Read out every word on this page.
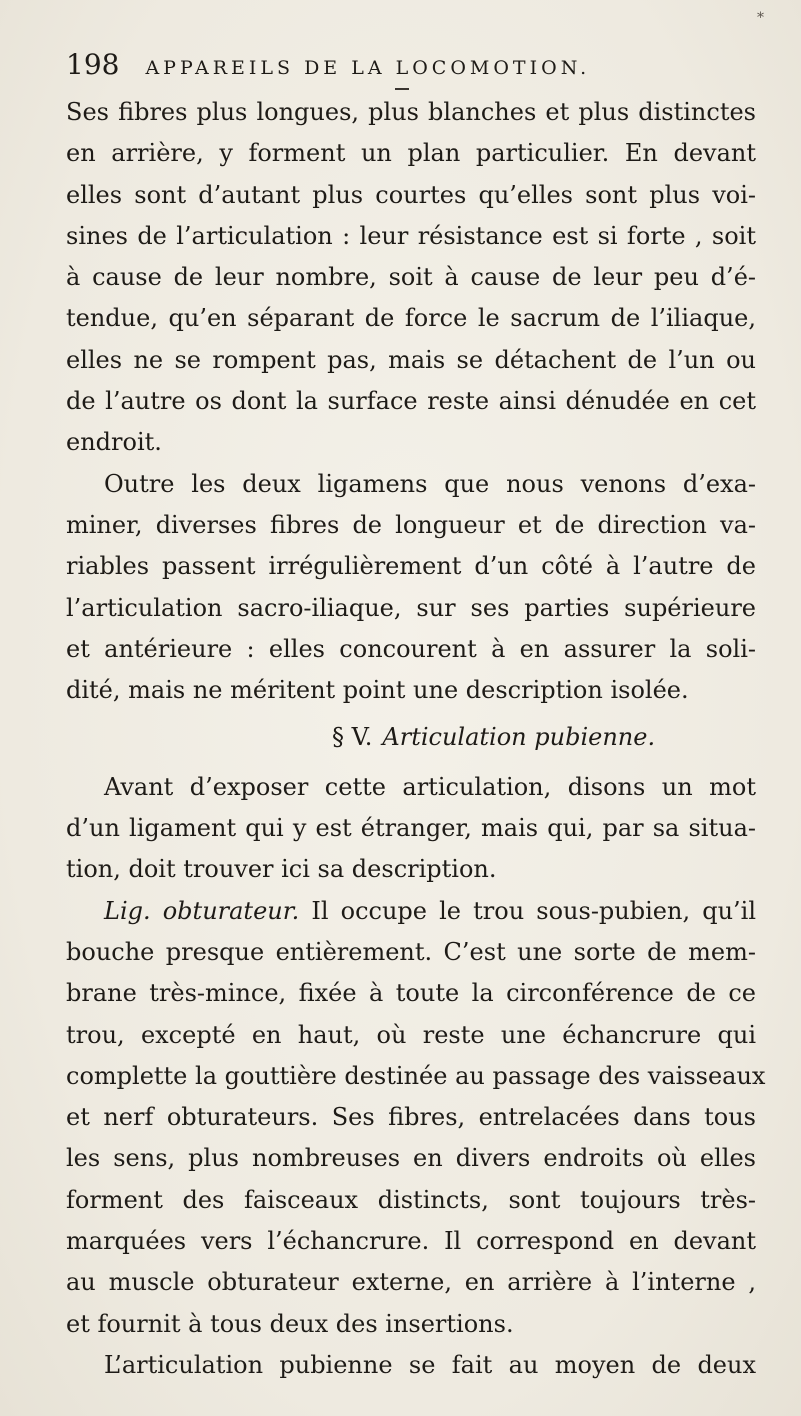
*
198 APPAREILS DE LA LOCOMOTION.
Ses fibres plus longues, plus blanches et plus distinctes
en arrière, y forment un plan particulier. En devant
elles sont d’autant plus courtes qu’elles sont plus voi-
sines de l’articulation : leur résistance est si forte , soit
à cause de leur nombre, soit à cause de leur peu d’é-
tendue, qu’en séparant de force le sacrum de l’iliaque,
elles ne se rompent pas, mais se détachent de l’un ou
de l’autre os dont la surface reste ainsi dénudée en cet
endroit.
Outre les deux ligamens que nous venons d’exa-
miner, diverses fibres de longueur et de direction va-
riables passent irrégulièrement d’un côté à l’autre de
l’articulation sacro-iliaque, sur ses parties supérieure
et antérieure : elles concourent à en assurer la soli-
dité, mais ne méritent point une description isolée.
§ V. Articulation pubienne.
Avant d’exposer cette articulation, disons un mot
d’un ligament qui y est étranger, mais qui, par sa situa-
tion, doit trouver ici sa description.
Lig. obturateur. Il occupe le trou sous-pubien, qu’il
bouche presque entièrement. C’est une sorte de mem-
brane très-mince, fixée à toute la circonférence de ce
trou, excepté en haut, où reste une échancrure qui
complette la gouttière destinée au passage des vaisseaux
et nerf obturateurs. Ses fibres, entrelacées dans tous
les sens, plus nombreuses en divers endroits où elles
forment des faisceaux distincts, sont toujours très-
marquées vers l’échancrure. Il correspond en devant
au muscle obturateur externe, en arrière à l’interne ,
et fournit à tous deux des insertions.
L’articulation pubienne se fait au moyen de deux
